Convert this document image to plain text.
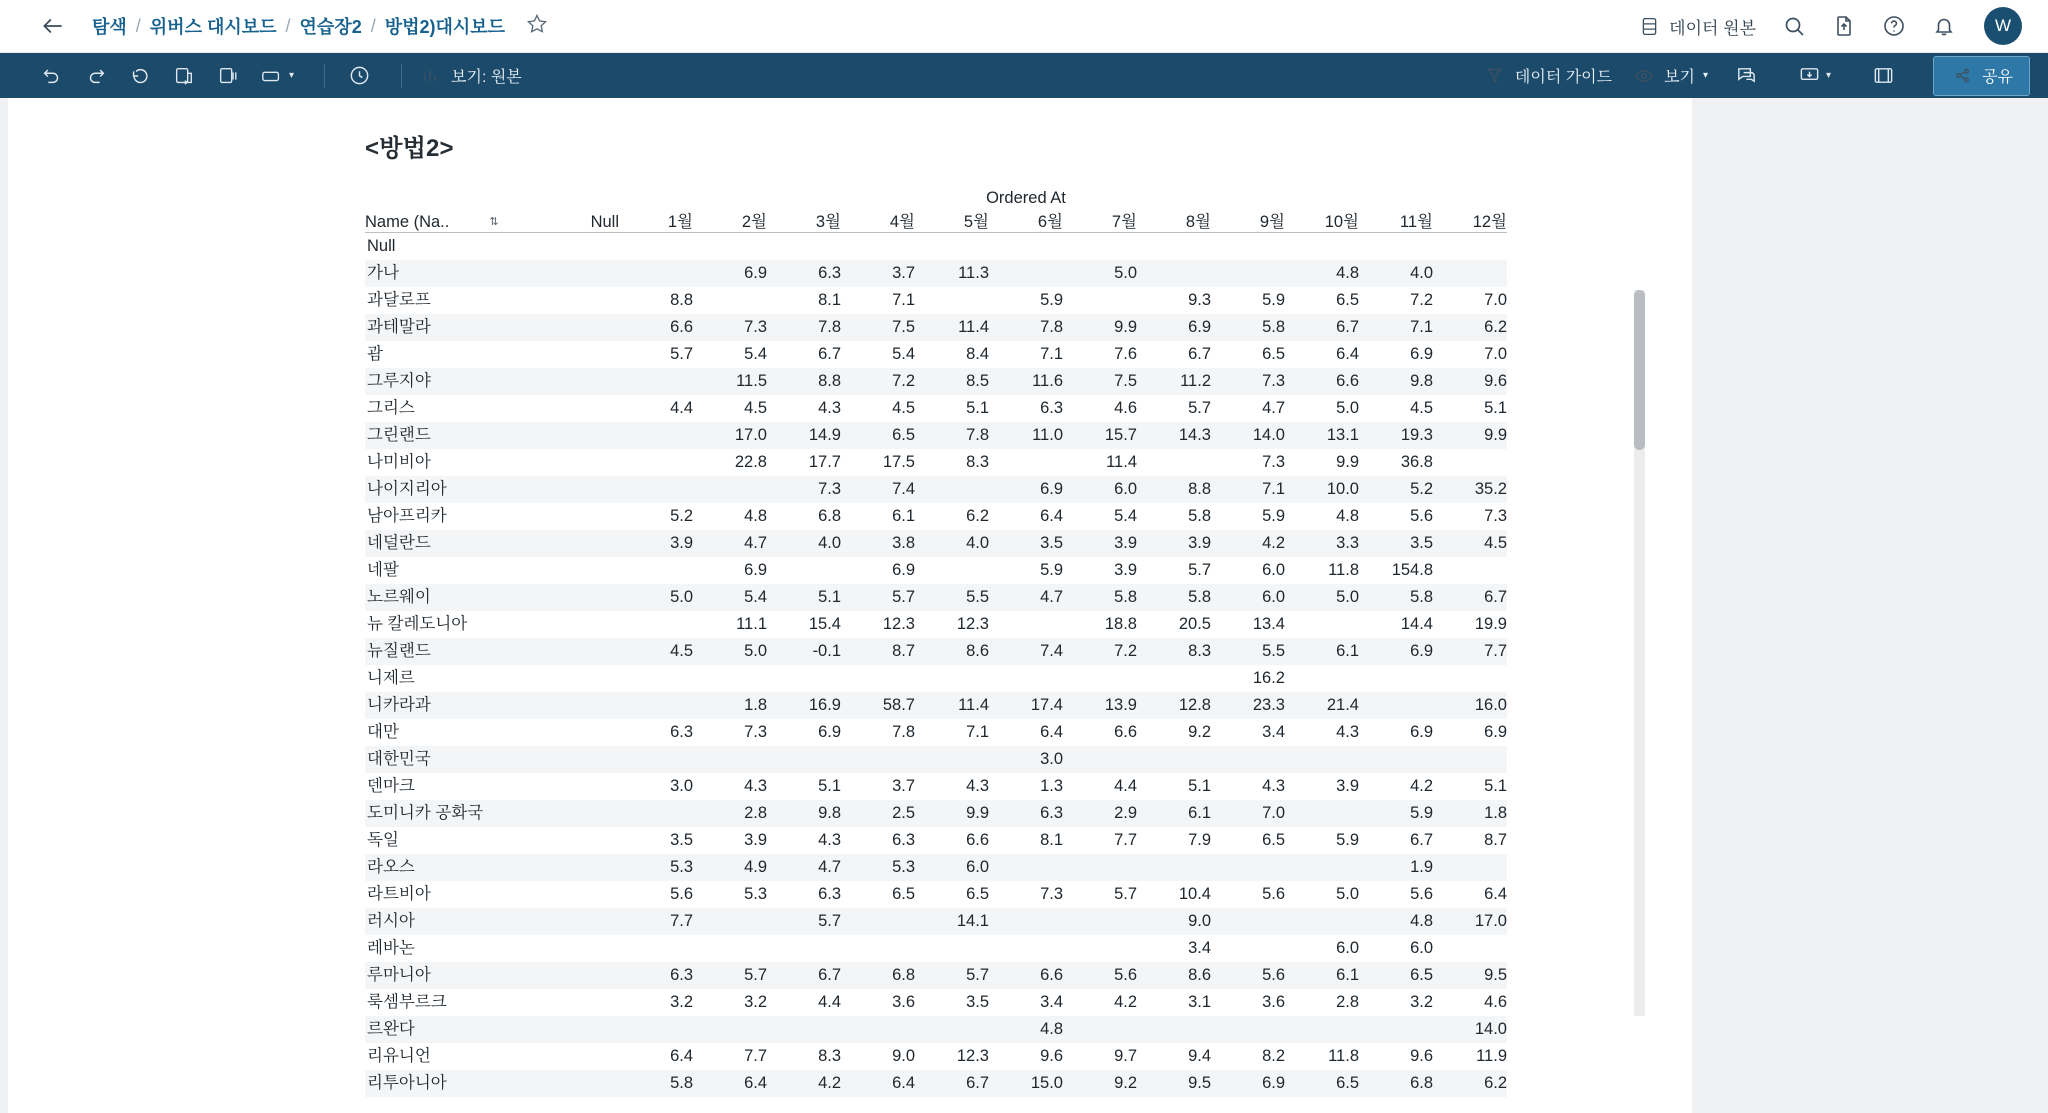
탐색 / 위버스 대시보드 / 연습장2 / 방법2)대시보드	데이터 원본	W
▾	보기: 원본	데이터 가이드	보기 ▾	▾	공유
<방법2>
	Ordered At												
Name (Na.. ⇅	Null	1월	2월	3월	4월	5월	6월	7월	8월	9월	10월	11월	12월
Null													
가나			6.9	6.3	3.7	11.3		5.0			4.8	4.0	
과달로프		8.8		8.1	7.1		5.9		9.3	5.9	6.5	7.2	7.0
과테말라		6.6	7.3	7.8	7.5	11.4	7.8	9.9	6.9	5.8	6.7	7.1	6.2
괌		5.7	5.4	6.7	5.4	8.4	7.1	7.6	6.7	6.5	6.4	6.9	7.0
그루지야			11.5	8.8	7.2	8.5	11.6	7.5	11.2	7.3	6.6	9.8	9.6
그리스		4.4	4.5	4.3	4.5	5.1	6.3	4.6	5.7	4.7	5.0	4.5	5.1
그린랜드			17.0	14.9	6.5	7.8	11.0	15.7	14.3	14.0	13.1	19.3	9.9
나미비아			22.8	17.7	17.5	8.3		11.4		7.3	9.9	36.8	
나이지리아				7.3	7.4		6.9	6.0	8.8	7.1	10.0	5.2	35.2
남아프리카		5.2	4.8	6.8	6.1	6.2	6.4	5.4	5.8	5.9	4.8	5.6	7.3
네덜란드		3.9	4.7	4.0	3.8	4.0	3.5	3.9	3.9	4.2	3.3	3.5	4.5
네팔			6.9		6.9		5.9	3.9	5.7	6.0	11.8	154.8	
노르웨이		5.0	5.4	5.1	5.7	5.5	4.7	5.8	5.8	6.0	5.0	5.8	6.7
뉴 칼레도니아			11.1	15.4	12.3	12.3		18.8	20.5	13.4		14.4	19.9
뉴질랜드		4.5	5.0	-0.1	8.7	8.6	7.4	7.2	8.3	5.5	6.1	6.9	7.7
니제르										16.2			
니카라과			1.8	16.9	58.7	11.4	17.4	13.9	12.8	23.3	21.4		16.0
대만		6.3	7.3	6.9	7.8	7.1	6.4	6.6	9.2	3.4	4.3	6.9	6.9
대한민국							3.0						
덴마크		3.0	4.3	5.1	3.7	4.3	1.3	4.4	5.1	4.3	3.9	4.2	5.1
도미니카 공화국			2.8	9.8	2.5	9.9	6.3	2.9	6.1	7.0		5.9	1.8
독일		3.5	3.9	4.3	6.3	6.6	8.1	7.7	7.9	6.5	5.9	6.7	8.7
라오스		5.3	4.9	4.7	5.3	6.0						1.9	
라트비아		5.6	5.3	6.3	6.5	6.5	7.3	5.7	10.4	5.6	5.0	5.6	6.4
러시아		7.7		5.7		14.1			9.0			4.8	17.0
레바논									3.4		6.0	6.0	
루마니아		6.3	5.7	6.7	6.8	5.7	6.6	5.6	8.6	5.6	6.1	6.5	9.5
룩셈부르크		3.2	3.2	4.4	3.6	3.5	3.4	4.2	3.1	3.6	2.8	3.2	4.6
르완다							4.8						14.0
리유니언		6.4	7.7	8.3	9.0	12.3	9.6	9.7	9.4	8.2	11.8	9.6	11.9
리투아니아		5.8	6.4	4.2	6.4	6.7	15.0	9.2	9.5	6.9	6.5	6.8	6.2
